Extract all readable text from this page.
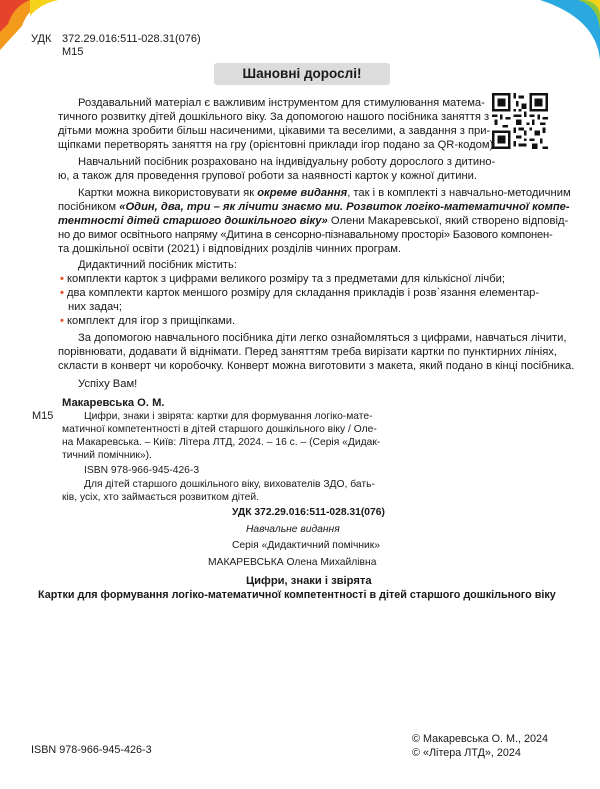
УДК 372.29.016:511-028.31(076)
М15
Шановні дорослі!
Роздавальний матеріал є важливим інструментом для стимулювання матема-
тичного розвитку дітей дошкільного віку. За допомогою нашого посібника заняття з
дітьми можна зробити більш насиченими, цікавими та веселими, а завдання з при-
щіпками перетворять заняття на гру (орієнтовні приклади ігор подано за QR-кодом).
Навчальний посібник розраховано на індивідуальну роботу дорослого з дитино-
ю, а також для проведення групової роботи за наявності карток у кожної дитини.
Картки можна використовувати як окреме видання, так і в комплекті з навчально-методичним
посібником «Один, два, три – як лічити знаємо ми. Розвиток логіко-математичної компе-
тентності дітей старшого дошкільного віку» Олени Макаревської, який створено відповід-
но до вимог освітнього напряму «Дитина в сенсорно-пізнавальному просторі» Базового компонен-
та дошкільної освіти (2021) і відповідних розділів чинних програм.
Дидактичний посібник містить:
• комплекти карток з цифрами великого розміру та з предметами для кількісної лічби;
• два комплекти карток меншого розміру для складання прикладів і розв`язання елементар-
них задач;
• комплект для ігор з прищіпками.
За допомогою навчального посібника діти легко ознайомляться з цифрами, навчаться лічити,
порівнювати, додавати й віднімати. Перед заняттям треба вирізати картки по пунктирних лініях,
скласти в конверт чи коробочку. Конверт можна виготовити з макета, який подано в кінці посібника.
Успіху Вам!
Макаревська О. М.
М15	Цифри, знаки і звірята: картки для формування логіко-мате-
матичної компетентності в дітей старшого дошкільного віку / Оле-
на Макаревська. – Київ: Літера ЛТД, 2024. – 16 с. – (Серія «Дидак-
тичний помічник»).
ISBN 978-966-945-426-3
Для дітей старшого дошкільного віку, вихователів ЗДО, бать-
ків, усіх, хто займається розвитком дітей.
УДК 372.29.016:511-028.31(076)
Навчальне видання
Серія «Дидактичний помічник»
МАКАРЕВСЬКА Олена Михайлівна
Цифри, знаки і звірята
Картки для формування логіко-математичної компетентності в дітей старшого дошкільного віку
ISBN 978-966-945-426-3
© Макаревська О. М., 2024
© «Літера ЛТД», 2024
